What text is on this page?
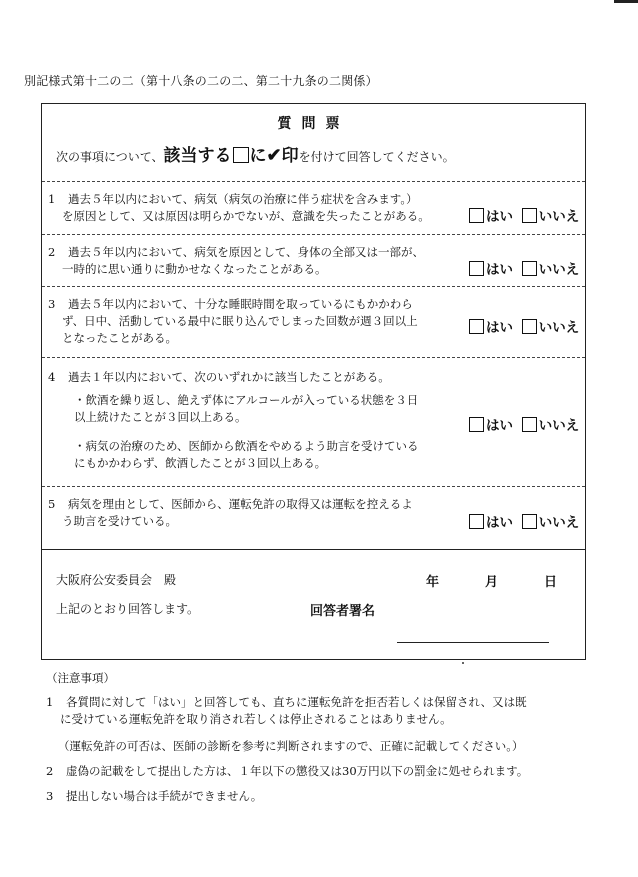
別記様式第十二の二（第十八条の二の二、第二十九条の二関係）
質問票
次の事項について、該当する に✔印を付けて回答してください。
1 過去５年以内において、病気（病気の治療に伴う症状を含みます。）
を原因として、又は原因は明らかでないが、意識を失ったことがある。	はい いいえ
2 過去５年以内において、病気を原因として、身体の全部又は一部が、
一時的に思い通りに動かせなくなったことがある。	はい いいえ
3 過去５年以内において、十分な睡眠時間を取っているにもかかわら
ず、日中、活動している最中に眠り込んでしまった回数が週３回以上
となったことがある。
はい いいえ
4 過去１年以内において、次のいずれかに該当したことがある。
・飲酒を繰り返し、絶えず体にアルコールが入っている状態を３日
以上続けたことが３回以上ある。
・病気の治療のため、医師から飲酒をやめるよう助言を受けている
にもかかわらず、飲酒したことが３回以上ある。
はい いいえ
5 病気を理由として、医師から、運転免許の取得又は運転を控えるよ
う助言を受けている。	はい いいえ
大阪府公安委員会　殿	年	月	日
上記のとおり回答します。	回答者署名
（注意事項）
1 各質問に対して「はい」と回答しても、直ちに運転免許を拒否若しくは保留され、又は既
に受けている運転免許を取り消され若しくは停止されることはありません。
（運転免許の可否は、医師の診断を参考に判断されますので、正確に記載してください。）
2 虚偽の記載をして提出した方は、１年以下の懲役又は30万円以下の罰金に処せられます。
3 提出しない場合は手続ができません。
